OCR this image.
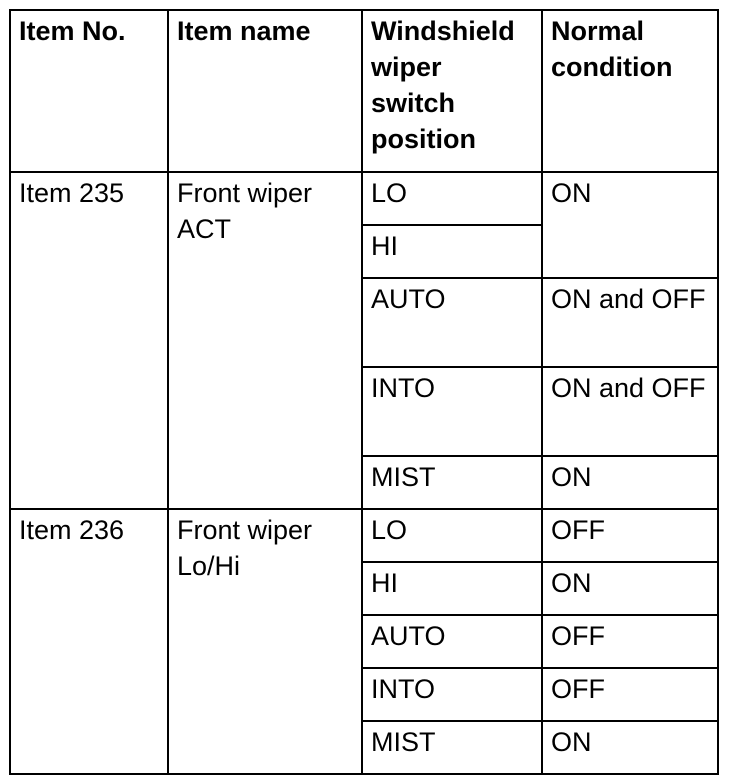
Item No.	Item name	Windshield wiper switch position	Normal condition
Item 235	Front wiper ACT	LO	ON
		HI	
		AUTO	ON and OFF
		INTO	ON and OFF
		MIST	ON
Item 236	Front wiper Lo/Hi	LO	OFF
		HI	ON
		AUTO	OFF
		INTO	OFF
		MIST	ON
